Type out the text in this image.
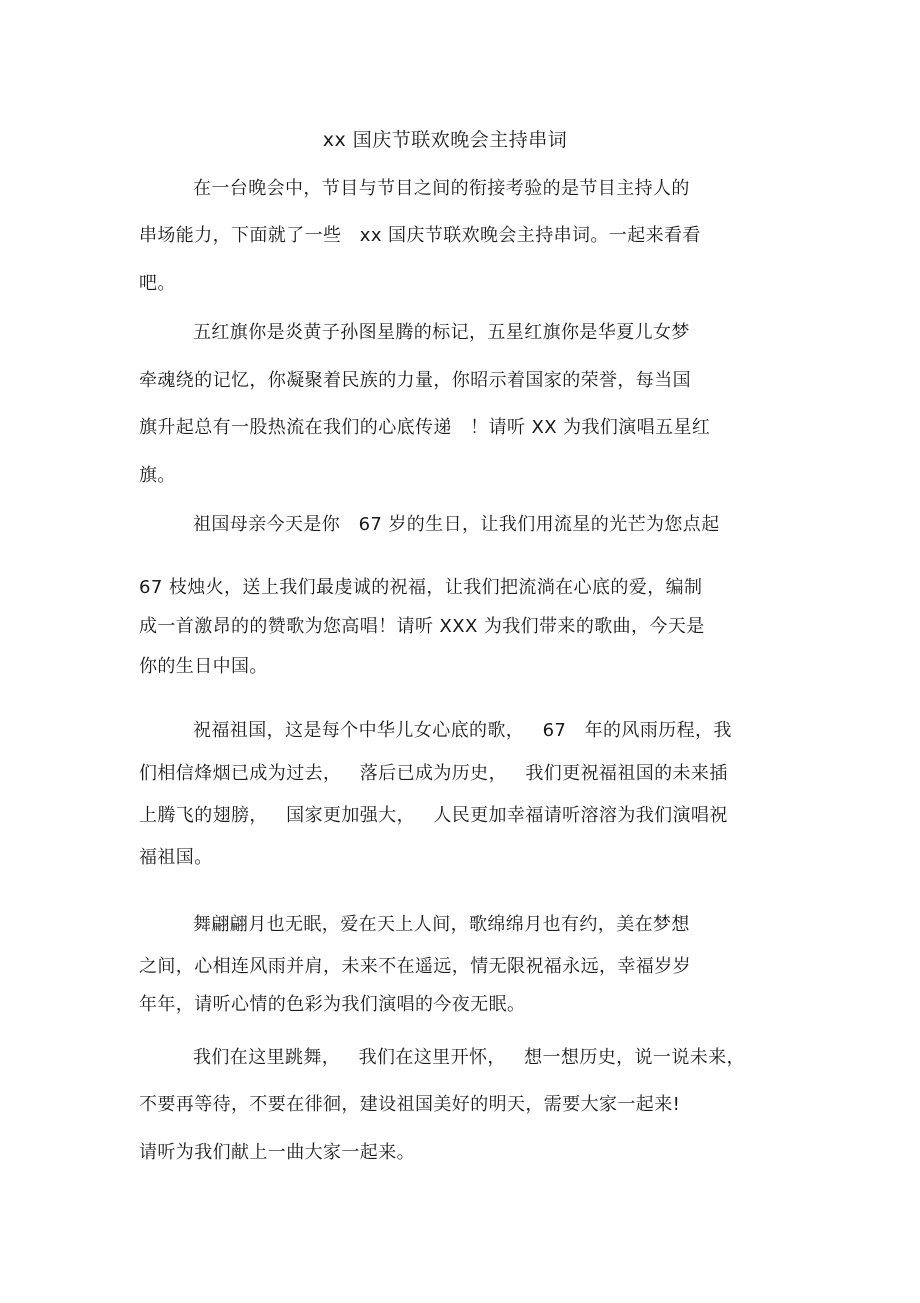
xx 国庆节联欢晚会主持串词
在一台晚会中，节目与节目之间的衔接考验的是节目主持人的
串场能力，下面就了一些   xx 国庆节联欢晚会主持串词。一起来看看
吧。
五红旗你是炎黄子孙图星腾的标记，五星红旗你是华夏儿女梦
牵魂绕的记忆，你凝聚着民族的力量，你昭示着国家的荣誉，每当国
旗升起总有一股热流在我们的心底传递   ！请听 XX 为我们演唱五星红
旗。
祖国母亲今天是你   67 岁的生日，让我们用流星的光芒为您点起
67 枝烛火，送上我们最虔诚的祝福，让我们把流淌在心底的爱，编制
成一首激昂的的赞歌为您高唱！请听 XXX 为我们带来的歌曲，今天是
你的生日中国。
祝福祖国，这是每个中华儿女心底的歌，   67   年的风雨历程，我
们相信烽烟已成为过去，   落后已成为历史，   我们更祝福祖国的未来插
上腾飞的翅膀，   国家更加强大，   人民更加幸福请听溶溶为我们演唱祝
福祖国。
舞翩翩月也无眠，爱在天上人间，歌绵绵月也有约，美在梦想
之间，心相连风雨并肩，未来不在遥远，情无限祝福永远，幸福岁岁
年年，请听心情的色彩为我们演唱的今夜无眠。
我们在这里跳舞，   我们在这里开怀，   想一想历史，说一说未来，
不要再等待，不要在徘徊，建设祖国美好的明天，需要大家一起来!
请听为我们献上一曲大家一起来。
